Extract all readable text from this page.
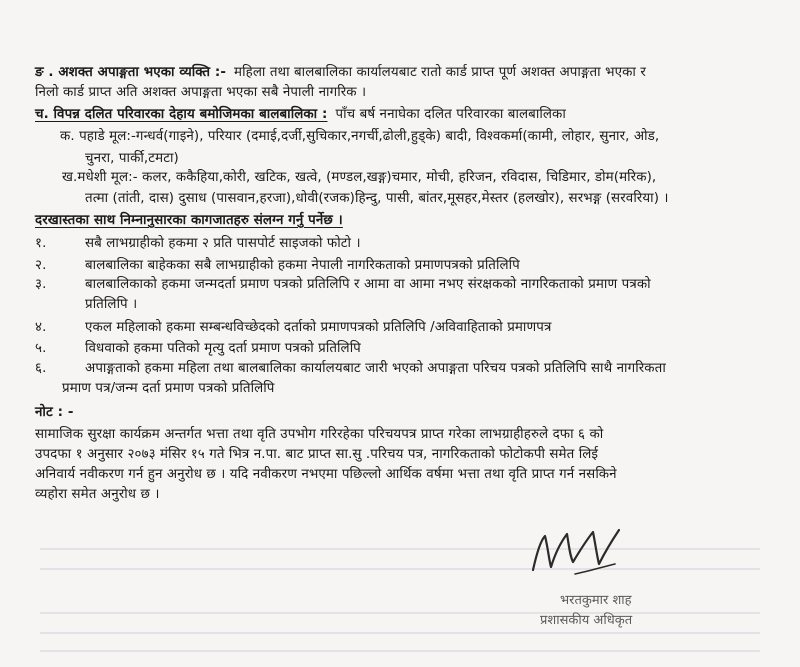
ङ . अशक्त अपाङ्गता भएका व्यक्ति :- महिला तथा बालबालिका कार्यालयबाट रातो कार्ड प्राप्त पूर्ण अशक्त अपाङ्गता भएका र
निलो कार्ड प्राप्त अति अशक्त अपाङ्गता भएका सबै नेपाली नागरिक ।
च. विपन्न दलित परिवारका देहाय बमोजिमका बालबालिका : पाँच बर्ष ननाघेका दलित परिवारका बालबालिका
क. पहाडे मूल:-गन्धर्व(गाइने), परियार (दमाई,दर्जी,सुचिकार,नगर्ची,ढोली,हुड्के) बादी, विश्वकर्मा(कामी, लोहार, सुनार, ओड,
चुनरा, पार्की,टमटा)
ख.मधेशी मूल:- कलर, ककैहिया,कोरी, खटिक, खत्वे, (मण्डल,खङ्ग)चमार, मोची, हरिजन, रविदास, चिडिमार, डोम(मरिक),
तत्मा (तांती, दास) दुसाध (पासवान,हरजा),धोवी(रजक)हिन्दु, पासी, बांतर,मूसहर,मेस्तर (हलखोर), सरभङ्ग (सरवरिया) ।
दरखास्तका साथ निम्नानुसारका कागजातहरु संलग्न गर्नु पर्नेछ ।
१.	सबै लाभग्राहीको हकमा २ प्रति पासपोर्ट साइजको फोटो ।
२.	बालबालिका बाहेकका सबै लाभग्राहीको हकमा नेपाली नागरिकताको प्रमाणपत्रको प्रतिलिपि
३.	बालबालिकाको हकमा जन्मदर्ता प्रमाण पत्रको प्रतिलिपि र आमा वा आमा नभए संरक्षकको नागरिकताको प्रमाण पत्रको
प्रतिलिपि ।
४.	एकल महिलाको हकमा सम्बन्धविच्छेदको दर्ताको प्रमाणपत्रको प्रतिलिपि /अविवाहिताको प्रमाणपत्र
५.	विधवाको हकमा पतिको मृत्यु दर्ता प्रमाण पत्रको प्रतिलिपि
६.	अपाङ्गताको हकमा महिला तथा बालबालिका कार्यालयबाट जारी भएको अपाङ्गता परिचय पत्रको प्रतिलिपि साथै नागरिकता
प्रमाण पत्र/जन्म दर्ता प्रमाण पत्रको प्रतिलिपि
नोट : -
सामाजिक सुरक्षा कार्यक्रम अन्तर्गत भत्ता तथा वृति उपभोग गरिरहेका परिचयपत्र प्राप्त गरेका लाभग्राहीहरुले दफा ६ को
उपदफा १ अनुसार २०७३ मंसिर १५ गते भित्र न.पा. बाट प्राप्त सा.सु .परिचय पत्र, नागरिकताको फोटोकपी समेत लिई
अनिवार्य नवीकरण गर्न हुन अनुरोध छ । यदि नवीकरण नभएमा पछिल्लो आर्थिक वर्षमा भत्ता तथा वृति प्राप्त गर्न नसकिने
व्यहोरा समेत अनुरोध छ ।
भरतकुमार शाह
प्रशासकीय अधिकृत
